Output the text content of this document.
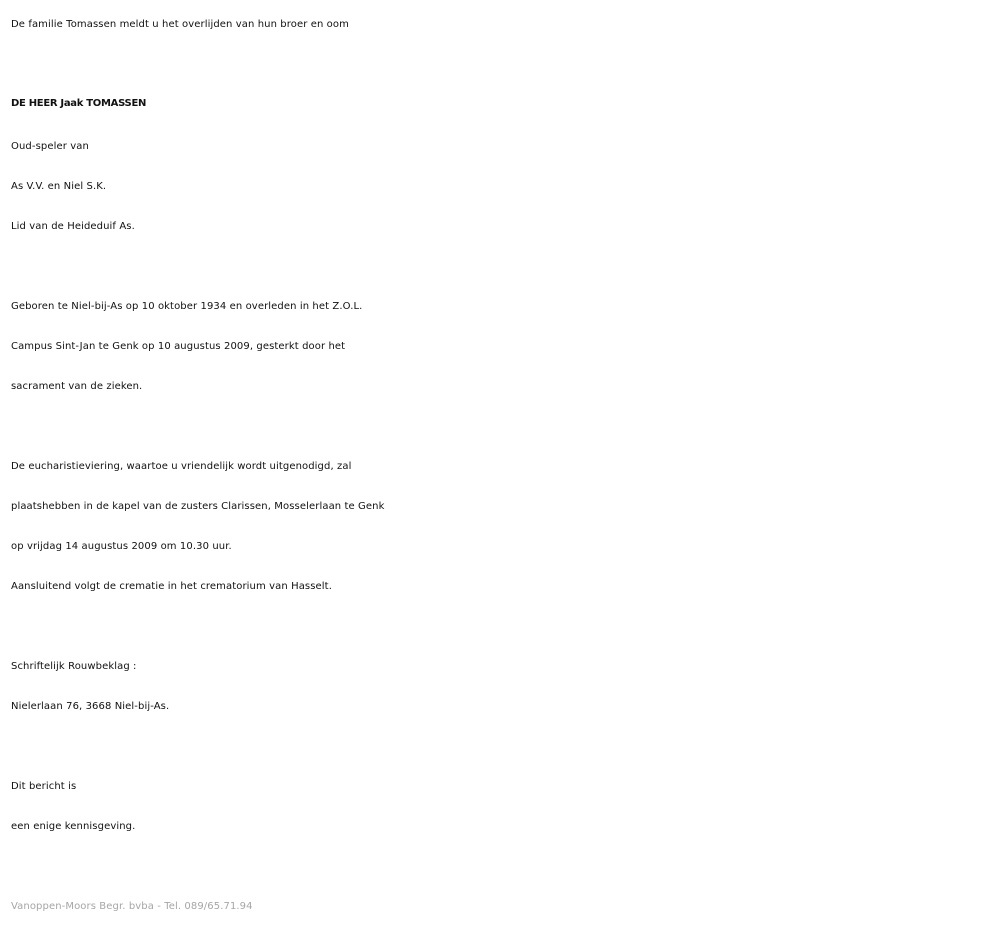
De familie Tomassen meldt u het overlijden van hun broer en oom
DE HEER Jaak TOMASSEN
Oud-speler van
As V.V. en Niel S.K.
Lid van de Heideduif As.
Geboren te Niel-bij-As op 10 oktober 1934 en overleden in het Z.O.L.
Campus Sint-Jan te Genk op 10 augustus 2009, gesterkt door het
sacrament van de zieken.
De eucharistieviering, waartoe u vriendelijk wordt uitgenodigd, zal
plaatshebben in de kapel van de zusters Clarissen, Mosselerlaan te Genk
op vrijdag 14 augustus 2009 om 10.30 uur.
Aansluitend volgt de crematie in het crematorium van Hasselt.
Schriftelijk Rouwbeklag :
Nielerlaan 76, 3668 Niel-bij-As.
Dit bericht is
een enige kennisgeving.
Vanoppen-Moors Begr. bvba - Tel. 089/65.71.94
